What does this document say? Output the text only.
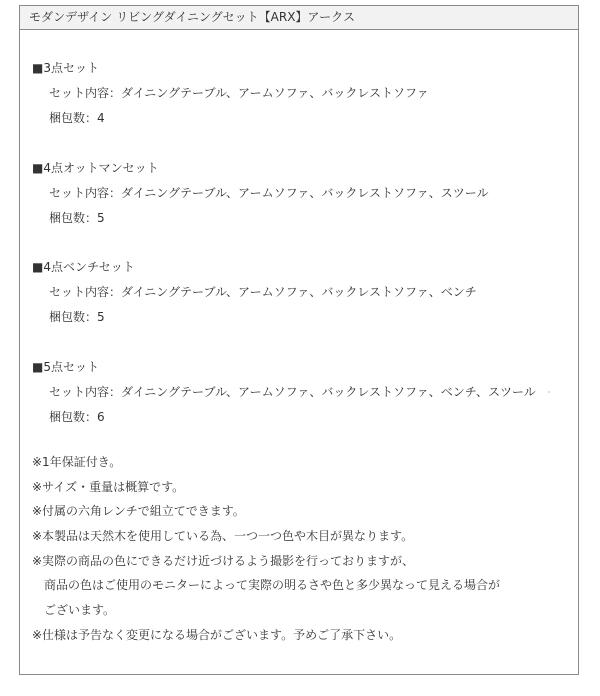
モダンデザイン リビングダイニングセット【ARX】アークス
■3点セット
セット内容：ダイニングテーブル、アームソファ、バックレストソファ
梱包数：4
■4点オットマンセット
セット内容：ダイニングテーブル、アームソファ、バックレストソファ、スツール
梱包数：5
■4点ベンチセット
セット内容：ダイニングテーブル、アームソファ、バックレストソファ、ベンチ
梱包数：5
■5点セット
セット内容：ダイニングテーブル、アームソファ、バックレストソファ、ベンチ、スツール
梱包数：6
※1年保証付き。
※サイズ・重量は概算です。
※付属の六角レンチで組立てできます。
※本製品は天然木を使用している為、一つ一つ色や木目が異なります。
※実際の商品の色にできるだけ近づけるよう撮影を行っておりますが、
商品の色はご使用のモニターによって実際の明るさや色と多少異なって見える場合が
ございます。
※仕様は予告なく変更になる場合がございます。予めご了承下さい。
